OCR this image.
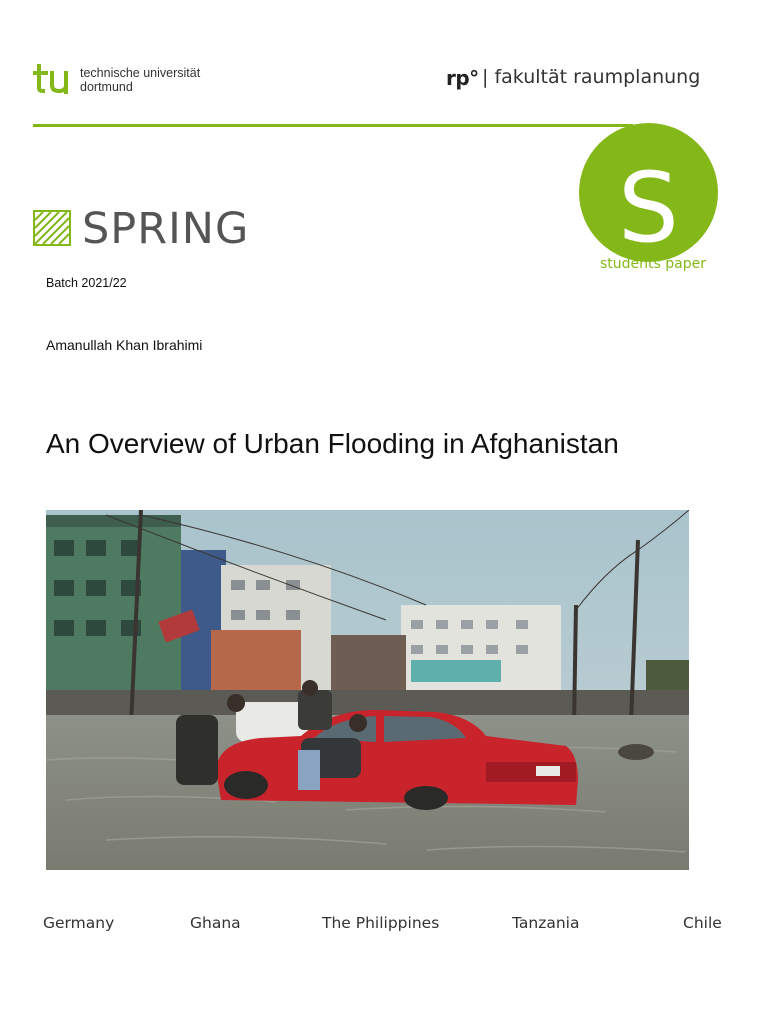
technische universität
dortmund	rp° | fakultät raumplanung
S
students paper
SPRING
Batch 2021/22
Amanullah Khan Ibrahimi
An Overview of Urban Flooding in Afghanistan
Germany	Ghana	The Philippines	Tanzania	Chile
